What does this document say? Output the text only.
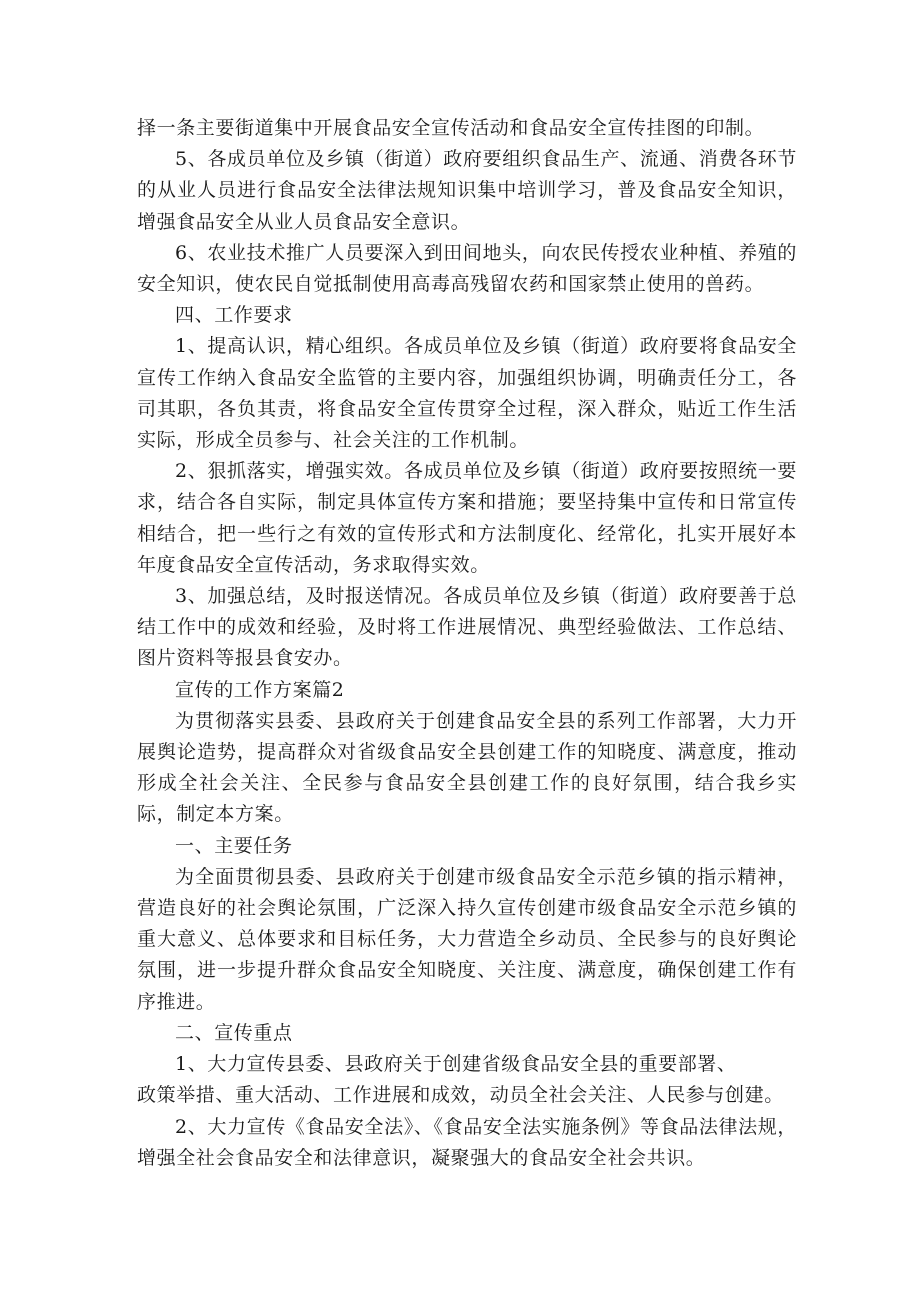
择一条主要街道集中开展食品安全宣传活动和食品安全宣传挂图的印制。

5、各成员单位及乡镇（街道）政府要组织食品生产、流通、消费各环节的从业人员进行食品安全法律法规知识集中培训学习，普及食品安全知识，增强食品安全从业人员食品安全意识。

6、农业技术推广人员要深入到田间地头，向农民传授农业种植、养殖的安全知识，使农民自觉抵制使用高毒高残留农药和国家禁止使用的兽药。

四、工作要求

1、提高认识，精心组织。各成员单位及乡镇（街道）政府要将食品安全宣传工作纳入食品安全监管的主要内容，加强组织协调，明确责任分工，各司其职，各负其责，将食品安全宣传贯穿全过程，深入群众，贴近工作生活实际，形成全员参与、社会关注的工作机制。

2、狠抓落实，增强实效。各成员单位及乡镇（街道）政府要按照统一要求，结合各自实际，制定具体宣传方案和措施；要坚持集中宣传和日常宣传相结合，把一些行之有效的宣传形式和方法制度化、经常化，扎实开展好本年度食品安全宣传活动，务求取得实效。

3、加强总结，及时报送情况。各成员单位及乡镇（街道）政府要善于总结工作中的成效和经验，及时将工作进展情况、典型经验做法、工作总结、图片资料等报县食安办。

宣传的工作方案篇2

为贯彻落实县委、县政府关于创建食品安全县的系列工作部署，大力开展舆论造势，提高群众对省级食品安全县创建工作的知晓度、满意度，推动形成全社会关注、全民参与食品安全县创建工作的良好氛围，结合我乡实际，制定本方案。

一、主要任务

为全面贯彻县委、县政府关于创建市级食品安全示范乡镇的指示精神，营造良好的社会舆论氛围，广泛深入持久宣传创建市级食品安全示范乡镇的重大意义、总体要求和目标任务，大力营造全乡动员、全民参与的良好舆论氛围，进一步提升群众食品安全知晓度、关注度、满意度，确保创建工作有序推进。

二、宣传重点

1、大力宣传县委、县政府关于创建省级食品安全县的重要部署、

政策举措、重大活动、工作进展和成效，动员全社会关注、人民参与创建。

2、大力宣传《食品安全法》、《食品安全法实施条例》等食品法律法规，增强全社会食品安全和法律意识，凝聚强大的食品安全社会共识。
